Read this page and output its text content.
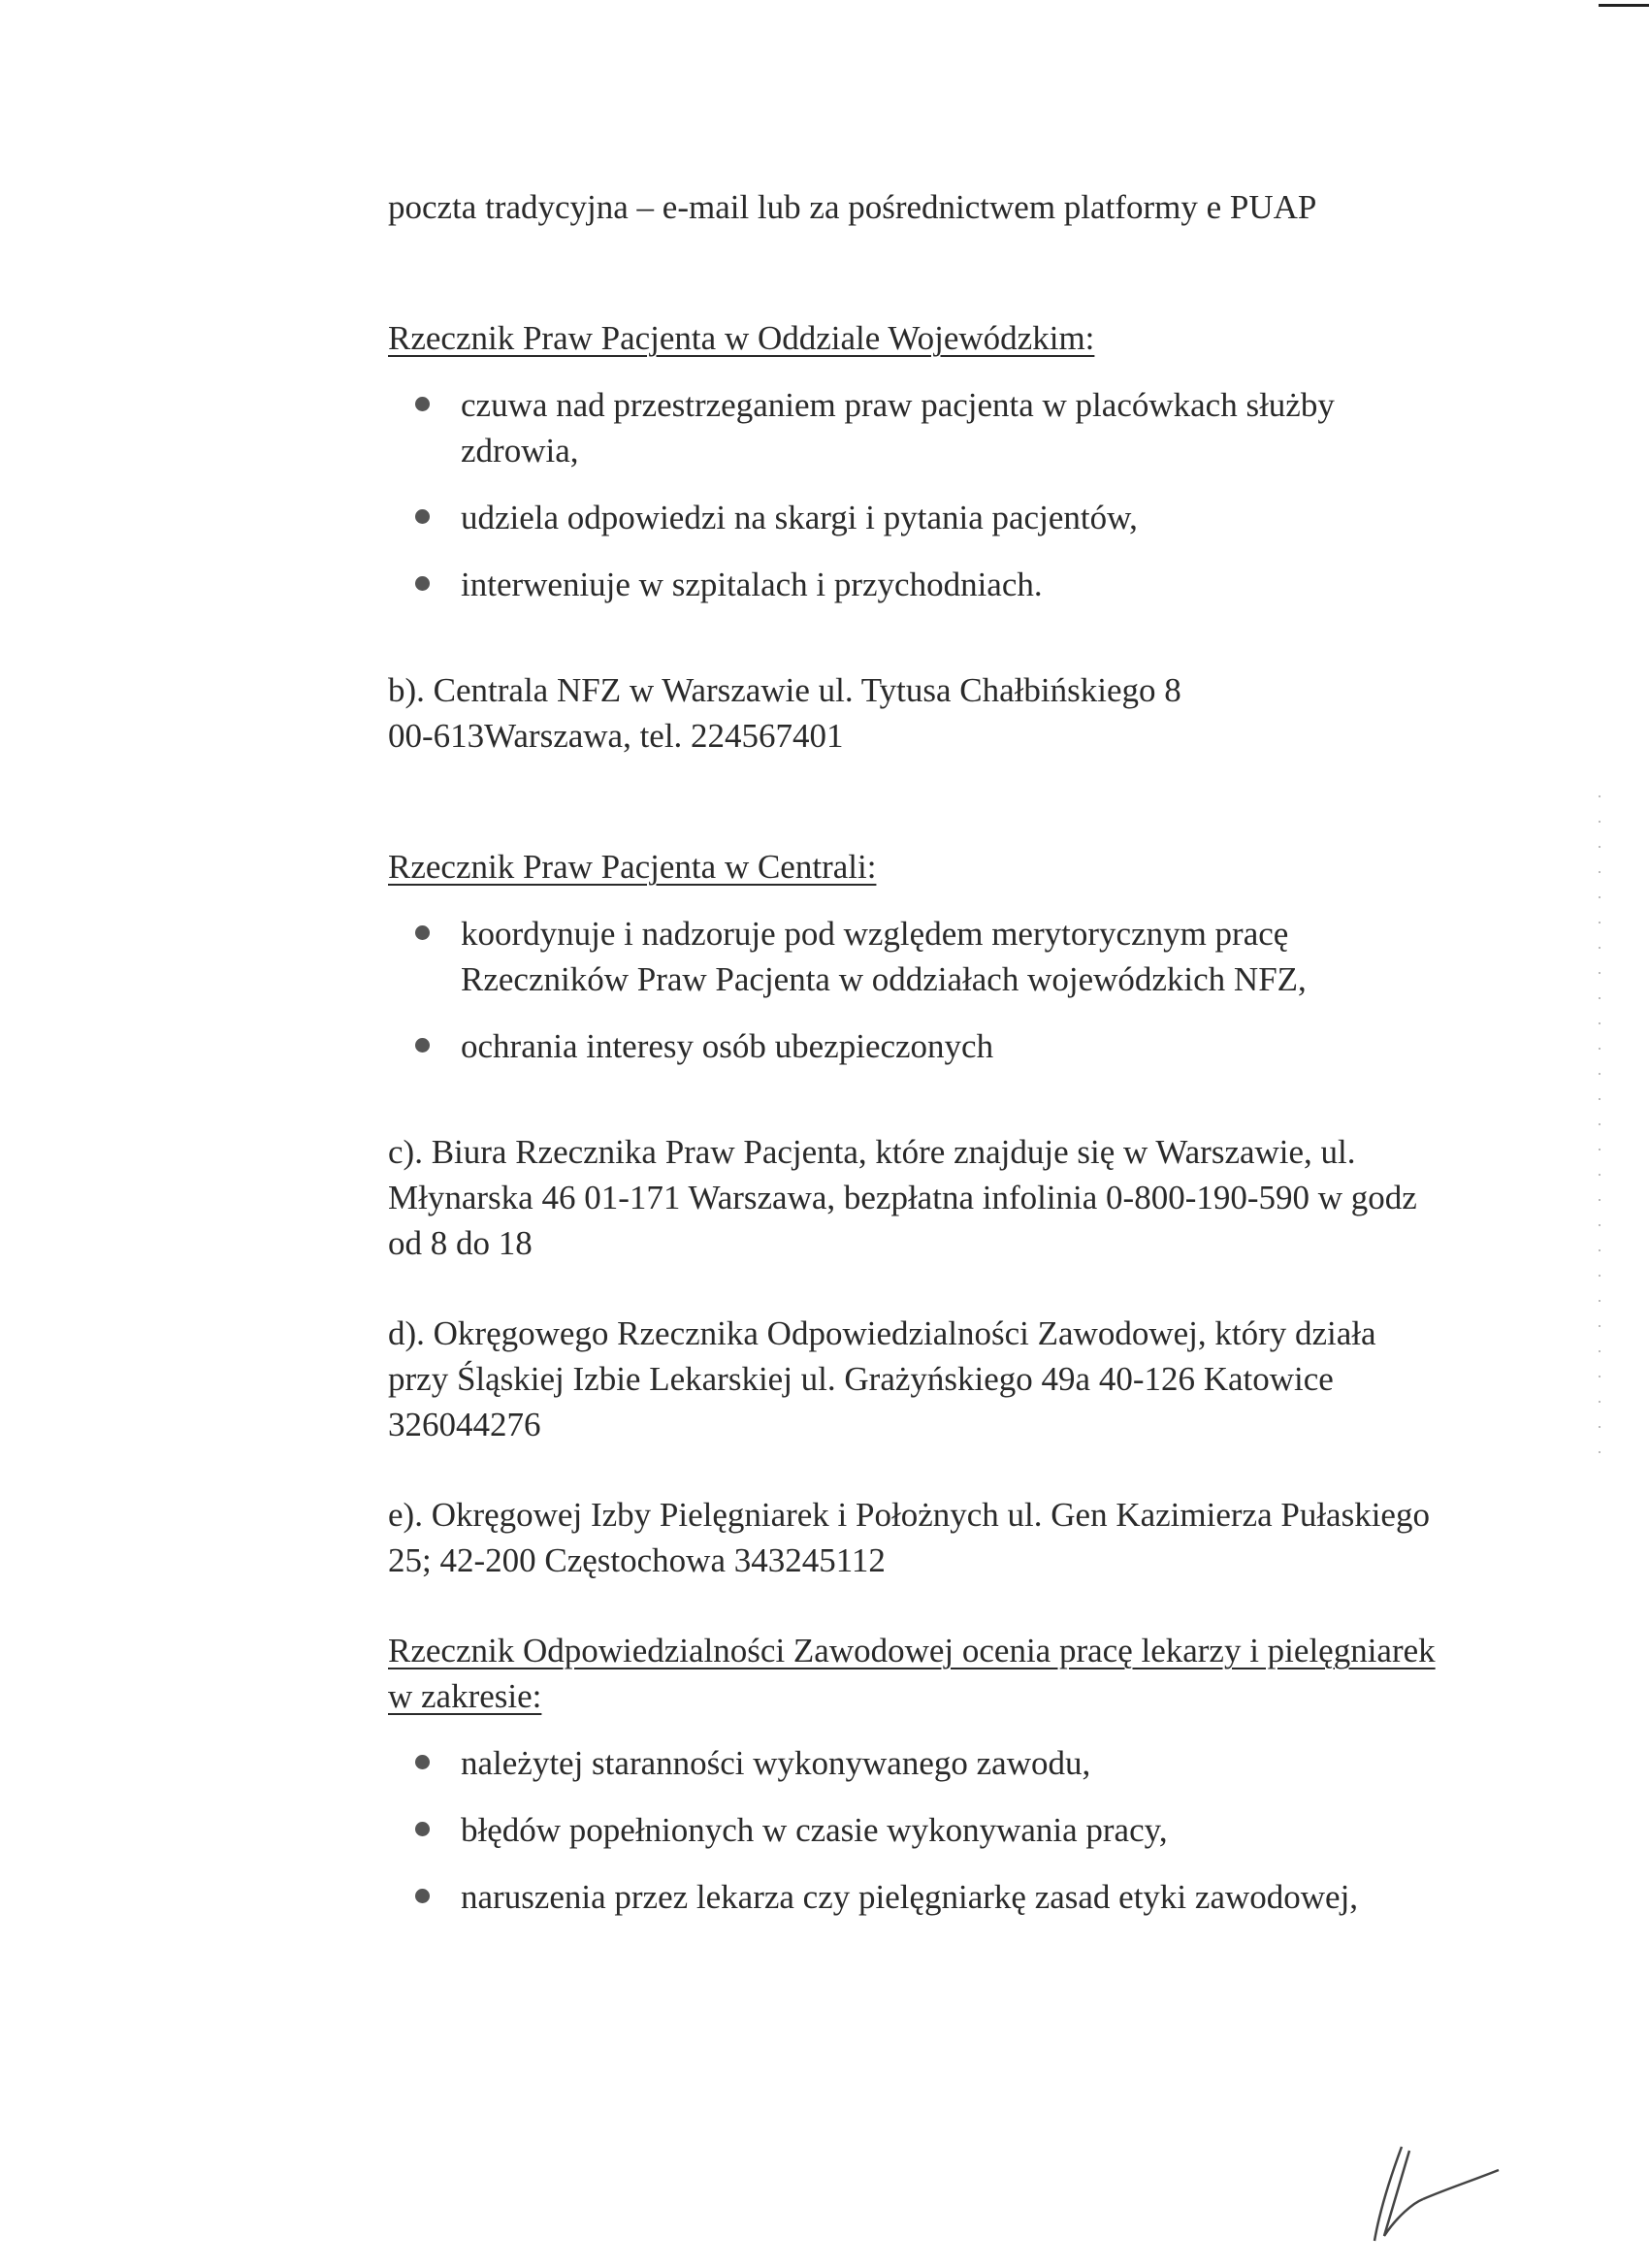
poczta tradycyjna – e-mail lub za pośrednictwem platformy e PUAP

Rzecznik Praw Pacjenta w Oddziale Wojewódzkim:

czuwa nad przestrzeganiem praw pacjenta w placówkach służby zdrowia,
udziela odpowiedzi na skargi i pytania pacjentów,
interweniuje w szpitalach i przychodniach.

b). Centrala NFZ w Warszawie ul. Tytusa Chałbińskiego 8

00-613Warszawa, tel. 224567401

Rzecznik Praw Pacjenta w Centrali:

koordynuje i nadzoruje pod względem merytorycznym pracę Rzeczników Praw Pacjenta w oddziałach wojewódzkich NFZ,
ochrania interesy osób ubezpieczonych

c). Biura Rzecznika Praw Pacjenta, które znajduje się w Warszawie, ul. Młynarska 46 01-171 Warszawa, bezpłatna infolinia 0-800-190-590 w godz od 8 do 18

d). Okręgowego Rzecznika Odpowiedzialności Zawodowej, który działa przy Śląskiej Izbie Lekarskiej ul. Grażyńskiego 49a 40-126 Katowice 326044276

e). Okręgowej Izby Pielęgniarek i Położnych ul. Gen Kazimierza Pułaskiego 25; 42-200 Częstochowa 343245112

Rzecznik Odpowiedzialności Zawodowej ocenia pracę lekarzy i pielęgniarek w zakresie:

należytej staranności wykonywanego zawodu,
błędów popełnionych w czasie wykonywania pracy,
naruszenia przez lekarza czy pielęgniarkę zasad etyki zawodowej,
